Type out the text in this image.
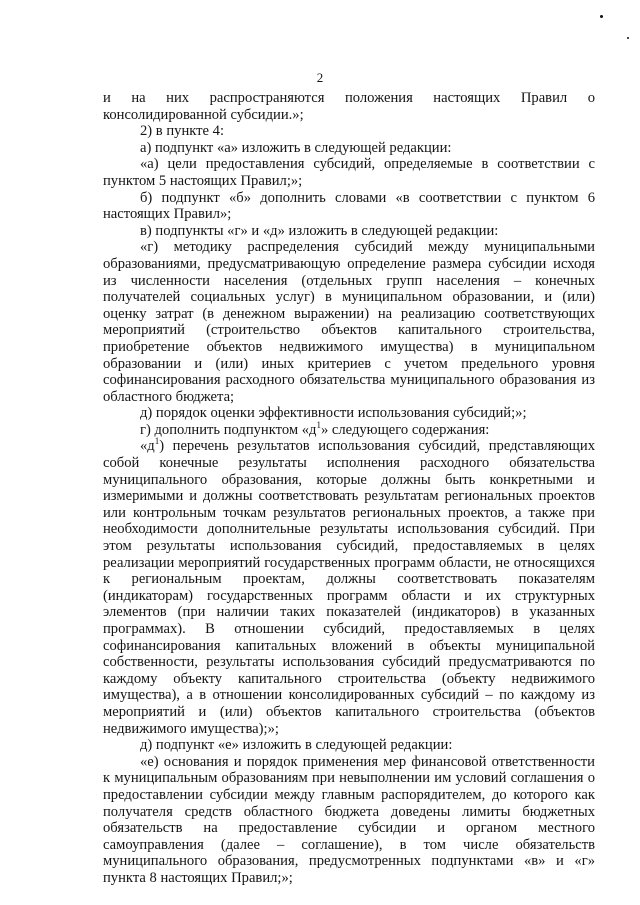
2

и на них распространяются положения настоящих Правил о консолидированной субсидии.»;

2) в пункте 4:

а) подпункт «а» изложить в следующей редакции:

«а) цели предоставления субсидий, определяемые в соответствии с пунктом 5 настоящих Правил;»;

б) подпункт «б» дополнить словами «в соответствии с пунктом 6 настоящих Правил»;

в) подпункты «г» и «д» изложить в следующей редакции:

«г) методику распределения субсидий между муниципальными образованиями, предусматривающую определение размера субсидии исходя из численности населения (отдельных групп населения – конечных получателей социальных услуг) в муниципальном образовании, и (или) оценку затрат (в денежном выражении) на реализацию соответствующих мероприятий (строительство объектов капитального строительства, приобретение объектов недвижимого имущества) в муниципальном образовании и (или) иных критериев с учетом предельного уровня софинансирования расходного обязательства муниципального образования из областного бюджета;

д) порядок оценки эффективности использования субсидий;»;

г) дополнить подпунктом «$д^1$» следующего содержания:

«$д^1$) перечень результатов использования субсидий, представляющих собой конечные результаты исполнения расходного обязательства муниципального образования, которые должны быть конкретными и измеримыми и должны соответствовать результатам региональных проектов или контрольным точкам результатов региональных проектов, а также при необходимости дополнительные результаты использования субсидий. При этом результаты использования субсидий, предоставляемых в целях реализации мероприятий государственных программ области, не относящихся к региональным проектам, должны соответствовать показателям (индикаторам) государственных программ области и их структурных элементов (при наличии таких показателей (индикаторов) в указанных программах). В отношении субсидий, предоставляемых в целях софинансирования капитальных вложений в объекты муниципальной собственности, результаты использования субсидий предусматриваются по каждому объекту капитального строительства (объекту недвижимого имущества), а в отношении консолидированных субсидий – по каждому из мероприятий и (или) объектов капитального строительства (объектов недвижимого имущества);»;

д) подпункт «е» изложить в следующей редакции:

«е) основания и порядок применения мер финансовой ответственности к муниципальным образованиям при невыполнении им условий соглашения о предоставлении субсидии между главным распорядителем, до которого как получателя средств областного бюджета доведены лимиты бюджетных обязательств на предоставление субсидии и органом местного самоуправления (далее – соглашение), в том числе обязательств муниципального образования, предусмотренных подпунктами «в» и «г» пункта 8 настоящих Правил;»;
